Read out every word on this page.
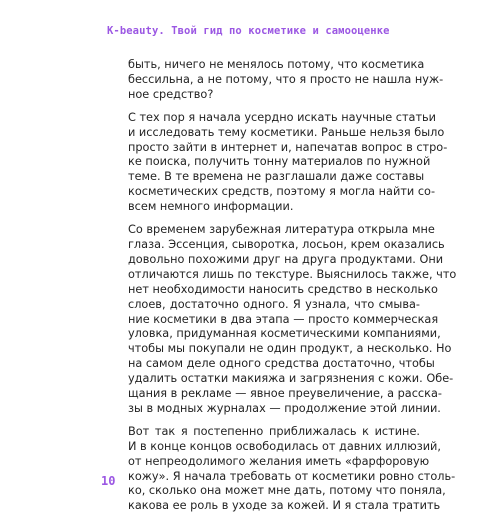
K-beauty. Твой гид по косметике и самооценке

быть, ничего не менялось потому, что косметика
бессильна, а не потому, что я просто не нашла нуж-
ное средство?

С тех пор я начала усердно искать научные статьи
и исследовать тему косметики. Раньше нельзя было
просто зайти в интернет и, напечатав вопрос в стро-
ке поиска, получить тонну материалов по нужной
теме. В те времена не разглашали даже составы
косметических средств, поэтому я могла найти со-
всем немного информации.

Со временем зарубежная литература открыла мне
глаза. Эссенция, сыворотка, лосьон, крем оказались
довольно похожими друг на друга продуктами. Они
отличаются лишь по текстуре. Выяснилось также, что
нет необходимости наносить средство в несколько
слоев, достаточно одного. Я узнала, что смыва-
ние косметики в два этапа — просто коммерческая
уловка, придуманная косметическими компаниями,
чтобы мы покупали не один продукт, а несколько. Но
на самом деле одного средства достаточно, чтобы
удалить остатки макияжа и загрязнения с кожи. Обе-
щания в рекламе — явное преувеличение, а расска-
зы в модных журналах — продолжение этой линии.

Вот так я постепенно приближалась к истине.
И в конце концов освободилась от давних иллюзий,
от непреодолимого желания иметь «фарфоровую
кожу». Я начала требовать от косметики ровно столь-
ко, сколько она может мне дать, потому что поняла,
какова ее роль в уходе за кожей. И я стала тратить

10
